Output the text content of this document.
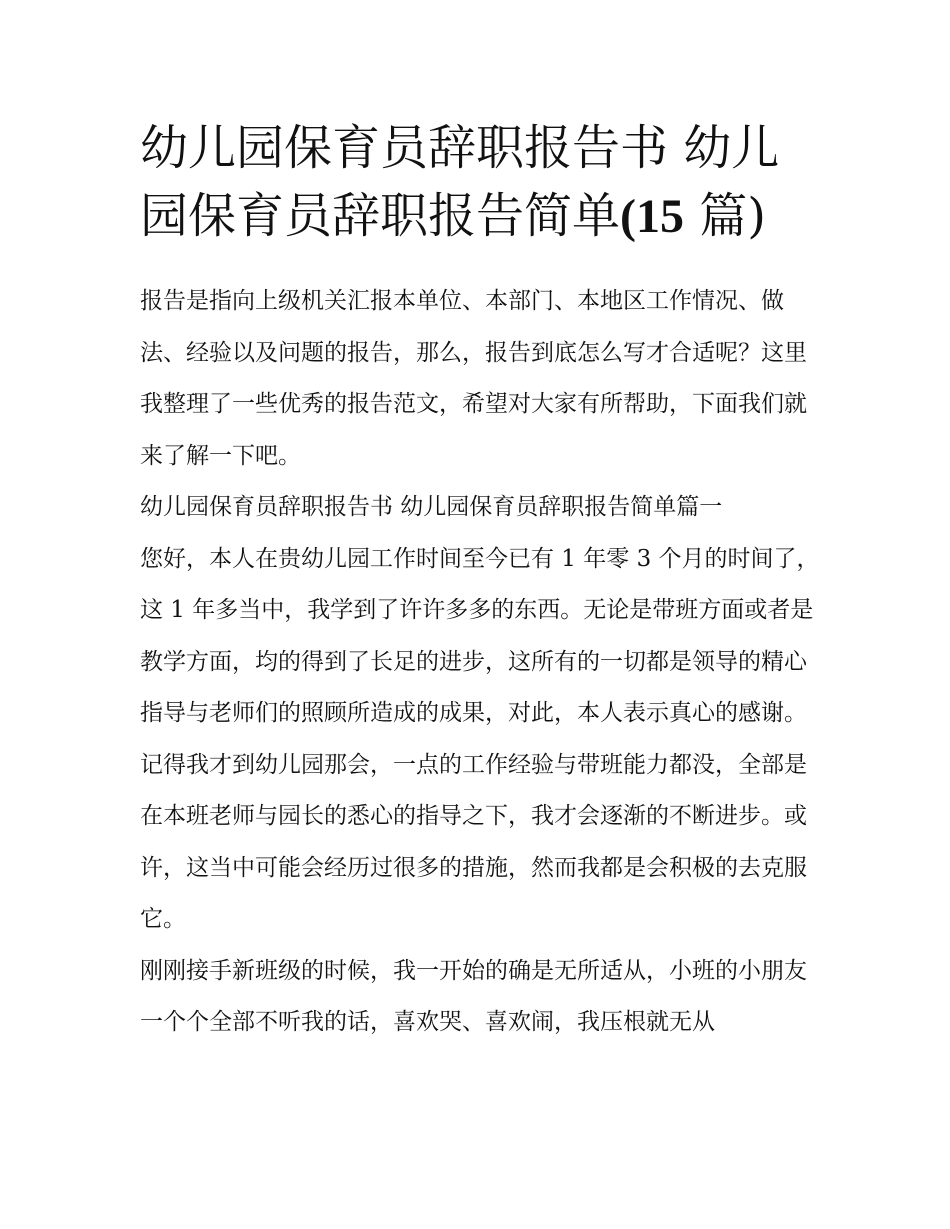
幼儿园保育员辞职报告书 幼儿园保育员辞职报告简单(15 篇)

报告是指向上级机关汇报本单位、本部门、本地区工作情况、做法、经验以及问题的报告，那么，报告到底怎么写才合适呢？这里我整理了一些优秀的报告范文，希望对大家有所帮助，下面我们就来了解一下吧。

幼儿园保育员辞职报告书 幼儿园保育员辞职报告简单篇一

您好，本人在贵幼儿园工作时间至今已有 1 年零 3 个月的时间了，这 1 年多当中，我学到了许许多多的东西。无论是带班方面或者是教学方面，均的得到了长足的进步，这所有的一切都是领导的精心指导与老师们的照顾所造成的成果，对此，本人表示真心的感谢。

记得我才到幼儿园那会，一点的工作经验与带班能力都没，全部是在本班老师与园长的悉心的指导之下，我才会逐渐的不断进步。或许，这当中可能会经历过很多的措施，然而我都是会积极的去克服它。

刚刚接手新班级的时候，我一开始的确是无所适从，小班的小朋友一个个全部不听我的话，喜欢哭、喜欢闹，我压根就无从
